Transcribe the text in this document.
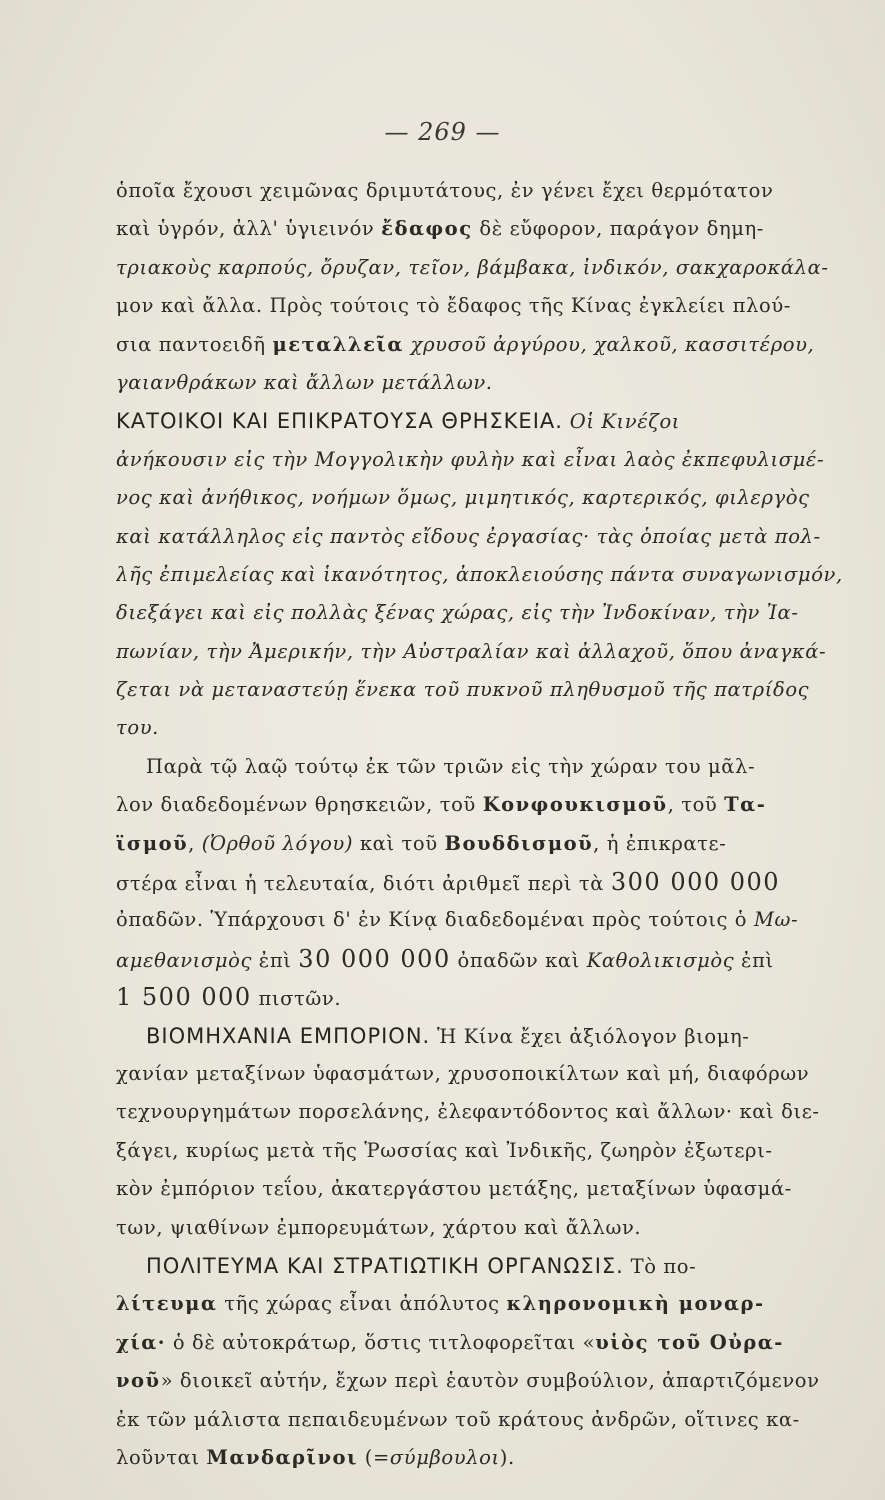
— 269 —
ὁποῖα ἔχουσι χειμῶνας δριμυτάτους, ἐν γένει ἔχει θερμότατον
καὶ ὑγρόν, ἀλλ' ὑγιεινόν ἔδαφος δὲ εὔφορον, παράγον δημη-
τριακοὺς καρπούς, ὄρυζαν, τεῖον, βάμβακα, ἰνδικόν, σακχαροκάλα-
μον καὶ ἄλλα. Πρὸς τούτοις τὸ ἔδαφος τῆς Κίνας ἐγκλείει πλού-
σια παντοειδῆ μεταλλεῖα χρυσοῦ ἀργύρου, χαλκοῦ, κασσιτέρου,
γαιανθράκων καὶ ἄλλων μετάλλων.
ΚΑΤΟΙΚΟΙ ΚΑΙ ΕΠΙΚΡΑΤΟΥΣΑ ΘΡΗΣΚΕΙΑ. Οἱ Κινέζοι
ἀνήκουσιν εἰς τὴν Μογγολικὴν φυλὴν καὶ εἶναι λαὸς ἐκπεφυλισμέ-
νος καὶ ἀνήθικος, νοήμων ὅμως, μιμητικός, καρτερικός, φιλεργὸς
καὶ κατάλληλος εἰς παντὸς εἴδους ἐργασίας· τὰς ὁποίας μετὰ πολ-
λῆς ἐπιμελείας καὶ ἱκανότητος, ἀποκλειούσης πάντα συναγωνισμόν,
διεξάγει καὶ εἰς πολλὰς ξένας χώρας, εἰς τὴν Ἰνδοκίναν, τὴν Ἰα-
πωνίαν, τὴν Ἀμερικήν, τὴν Αὐστραλίαν καὶ ἀλλαχοῦ, ὅπου ἀναγκά-
ζεται νὰ μεταναστεύῃ ἕνεκα τοῦ πυκνοῦ πληθυσμοῦ τῆς πατρίδος
του.
Παρὰ τῷ λαῷ τούτῳ ἐκ τῶν τριῶν εἰς τὴν χώραν του μᾶλ-
λον διαδεδομένων θρησκειῶν, τοῦ Κονφουκισμοῦ, τοῦ Τα-
ϊσμοῦ, (Ὀρθοῦ λόγου) καὶ τοῦ Βουδδισμοῦ, ἡ ἐπικρατε-
στέρα εἶναι ἡ τελευταία, διότι ἀριθμεῖ περὶ τὰ 300 000 000
ὀπαδῶν. Ὑπάρχουσι δ' ἐν Κίνᾳ διαδεδομέναι πρὸς τούτοις ὁ Μω-
αμεθανισμὸς ἐπὶ 30 000 000 ὀπαδῶν καὶ Καθολικισμὸς ἐπὶ
1 500 000 πιστῶν.
ΒΙΟΜΗΧΑΝΙΑ ΕΜΠΟΡΙΟΝ. Ἡ Κίνα ἔχει ἀξιόλογον βιομη-
χανίαν μεταξίνων ὑφασμάτων, χρυσοποικίλτων καὶ μή, διαφόρων
τεχνουργημάτων πορσελάνης, ἐλεφαντόδοντος καὶ ἄλλων· καὶ διε-
ξάγει, κυρίως μετὰ τῆς Ῥωσσίας καὶ Ἰνδικῆς, ζωηρὸν ἐξωτερι-
κὸν ἐμπόριον τεΐου, ἀκατεργάστου μετάξης, μεταξίνων ὑφασμά-
των, ψιαθίνων ἐμπορευμάτων, χάρτου καὶ ἄλλων.
ΠΟΛΙΤΕΥΜΑ ΚΑΙ ΣΤΡΑΤΙΩΤΙΚΗ ΟΡΓΑΝΩΣΙΣ. Τὸ πο-
λίτευμα τῆς χώρας εἶναι ἀπόλυτος κληρονομικὴ μοναρ-
χία· ὁ δὲ αὐτοκράτωρ, ὅστις τιτλοφορεῖται «υἱὸς τοῦ Οὐρα-
νοῦ» διοικεῖ αὐτήν, ἔχων περὶ ἑαυτὸν συμβούλιον, ἀπαρτιζόμενον
ἐκ τῶν μάλιστα πεπαιδευμένων τοῦ κράτους ἀνδρῶν, οἵτινες κα-
λοῦνται Μανδαρῖνοι (=σύμβουλοι).
